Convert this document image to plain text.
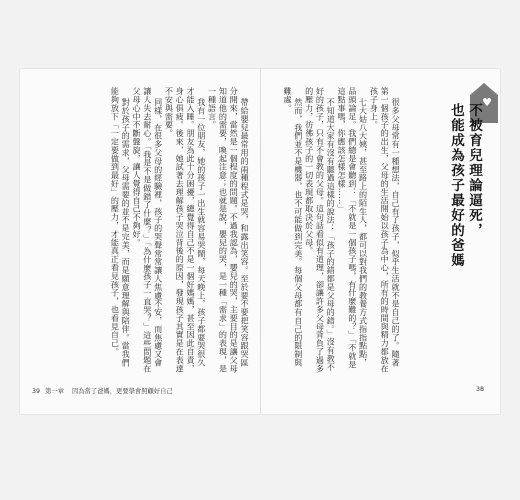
帶給嬰兒最常用的兩種程式是哭，和露出笑容。至於要不要把笑容跟哭區分開來，當然是一個程度的問題。不過我認為，嬰兒的哭，主要目的是讓父母知道他的需要，喚起注意；也就是說，嬰兒的哭，是一種「需求」的表現，是一種語言。

我有一位朋友，她的孩子一出生就容易哭鬧，每天晚上，孩子都要哭很久才能入睡。朋友為此十分困擾，總覺得自己不是一個好媽媽，甚至因此自責，身心俱疲。後來，她試著去理解孩子哭泣背後的原因，發現孩子其實是在表達不安與需要。

同樣，在很多父母的經驗裡，孩子的哭聲常常讓人焦慮不安，而焦慮又會讓人失去耐心。「我是不是做錯了什麼？」「為什麼孩子一直哭？」這些問題在父母心中不斷盤旋，讓人覺得自己不夠好。

對於孩子的需求，父母需要的並不是完美，而是願意理解與陪伴。當我們能夠放下「一定要做到最好」的壓力，才能真正看見孩子，也看見自己。

39 第一章 因為當了爸媽，更要學會照顧好自己
♥
不被育兒理論逼死，
也能成為孩子最好的爸媽

很多父母常有一種想法，自己有了孩子，似乎生活就不是自己的了。隨著第一個孩子的出生，父母的生活開始以孩子為中心，所有的時間與精力都放在孩子身上。

七大姑八大姨，甚至路上的陌生人，都可以對我們的教養方式指指點點，品頭論足。我們總是會聽到：「不就是一個孩子嗎，有什麼難的？」「不就是這點事嗎，你應該怎樣怎樣……」

不知道大家有沒有聽過這樣的說法：「孩子的錯都是父母的錯。」沒有教不好的孩子，只有不會教的父母。這句話看似有道理，卻讓許多父母背負了過多的壓力，彷彿孩子的一切表現都取決於父母。

然而，我們並不是機器，也不可能做到完美。每個父母都有自己的限制與難處。

38
